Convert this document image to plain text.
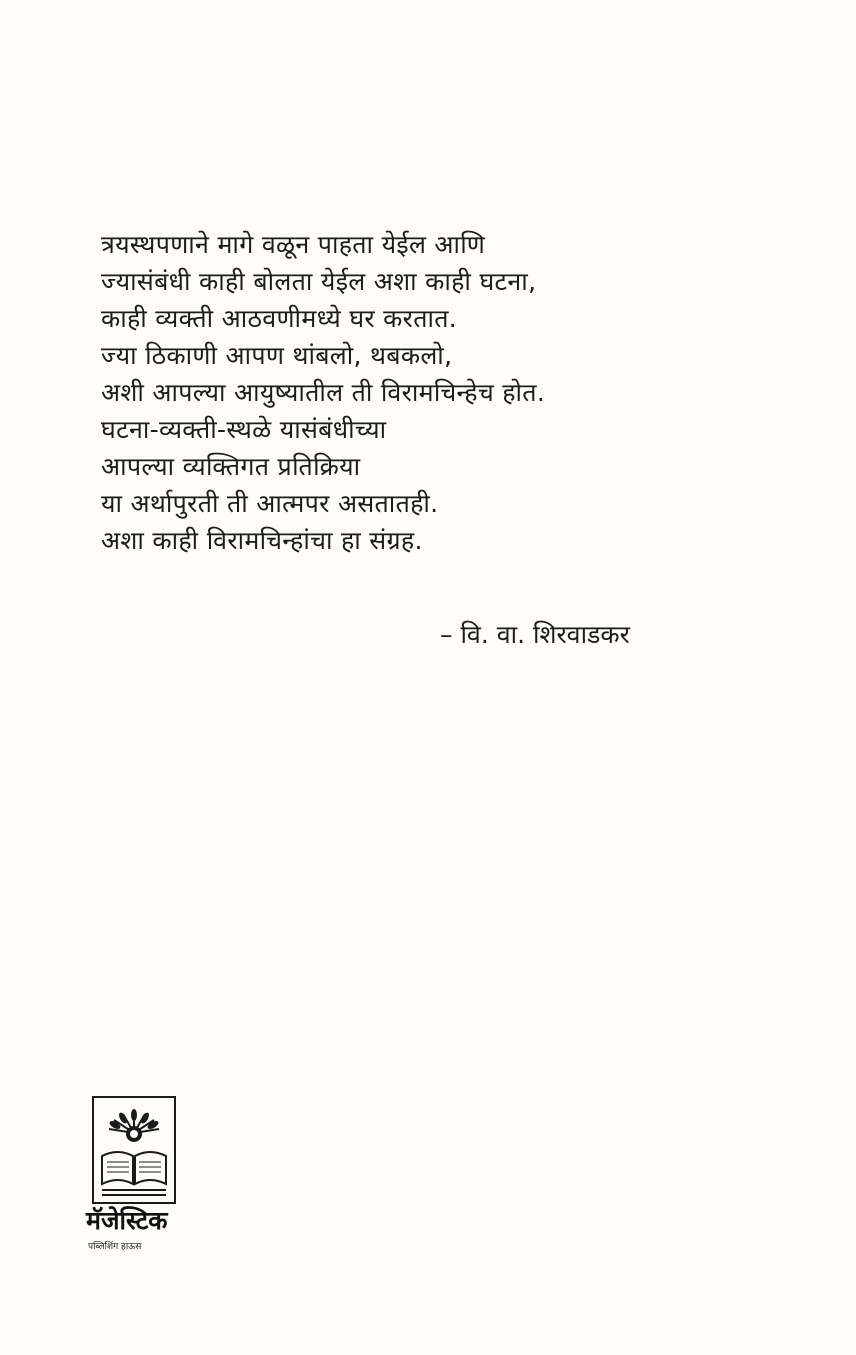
त्रयस्थपणाने मागे वळून पाहता येईल आणि
ज्यासंबंधी काही बोलता येईल अशा काही घटना,
काही व्यक्ती आठवणीमध्ये घर करतात.
ज्या ठिकाणी आपण थांबलो, थबकलो,
अशी आपल्या आयुष्यातील ती विरामचिन्हेच होत.
घटना-व्यक्ती-स्थळे यासंबंधीच्या
आपल्या व्यक्तिगत प्रतिक्रिया
या अर्थापुरती ती आत्मपर असतातही.
अशा काही विरामचिन्हांचा हा संग्रह.
– वि. वा. शिरवाडकर
मॅजेस्टिक
पब्लिशिंग हाऊस
